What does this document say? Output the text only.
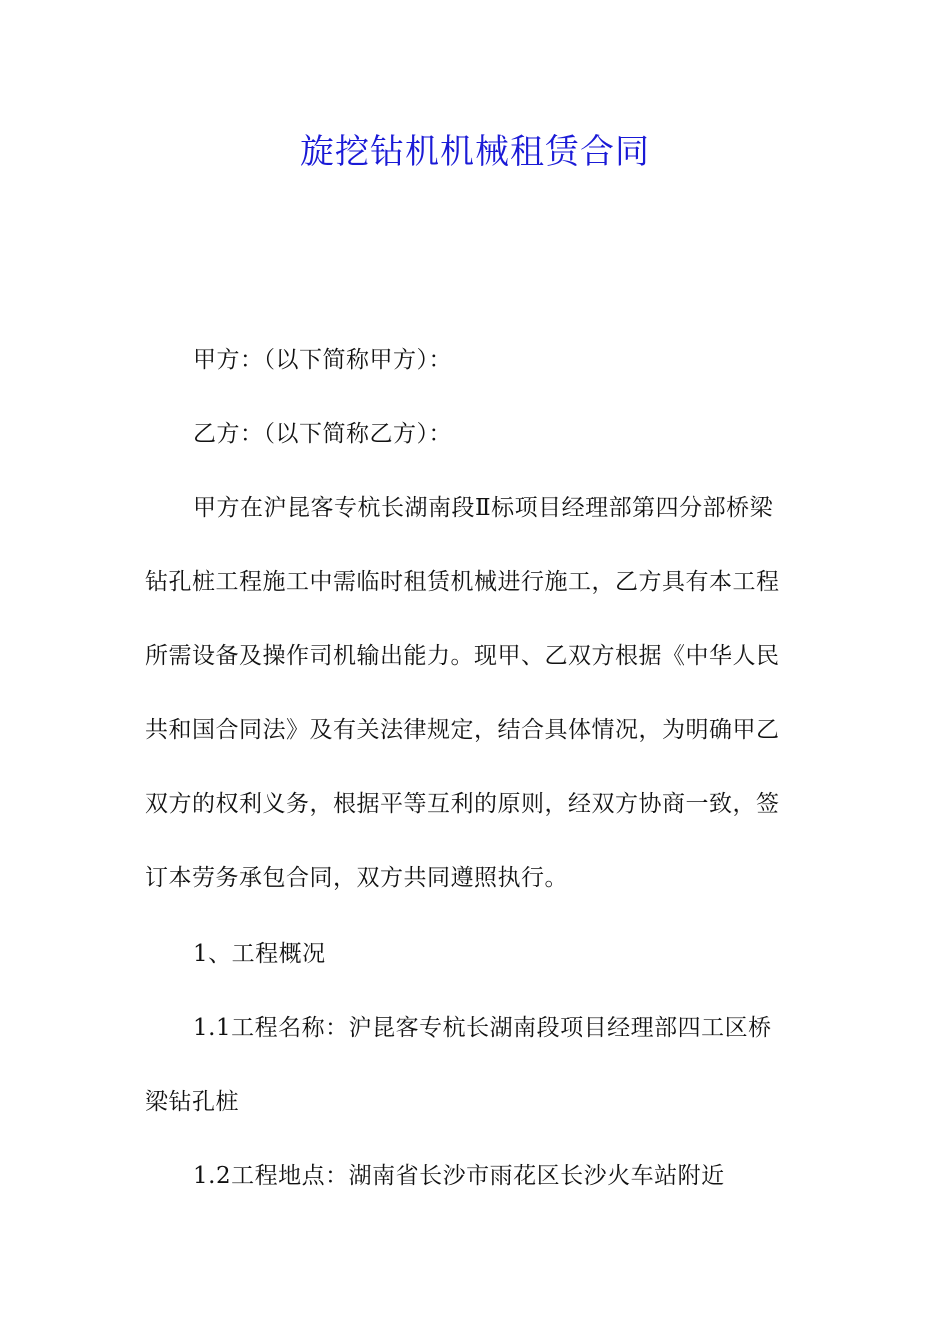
旋挖钻机机械租赁合同
甲方：（以下简称甲方）：
乙方：（以下简称乙方）：
甲方在沪昆客专杭长湖南段Ⅱ标项目经理部第四分部桥梁
钻孔桩工程施工中需临时租赁机械进行施工，乙方具有本工程
所需设备及操作司机输出能力。现甲、乙双方根据《中华人民
共和国合同法》及有关法律规定，结合具体情况，为明确甲乙
双方的权利义务，根据平等互利的原则，经双方协商一致，签
订本劳务承包合同，双方共同遵照执行。
1、工程概况
1.1工程名称：沪昆客专杭长湖南段项目经理部四工区桥
梁钻孔桩
1.2工程地点：湖南省长沙市雨花区长沙火车站附近
